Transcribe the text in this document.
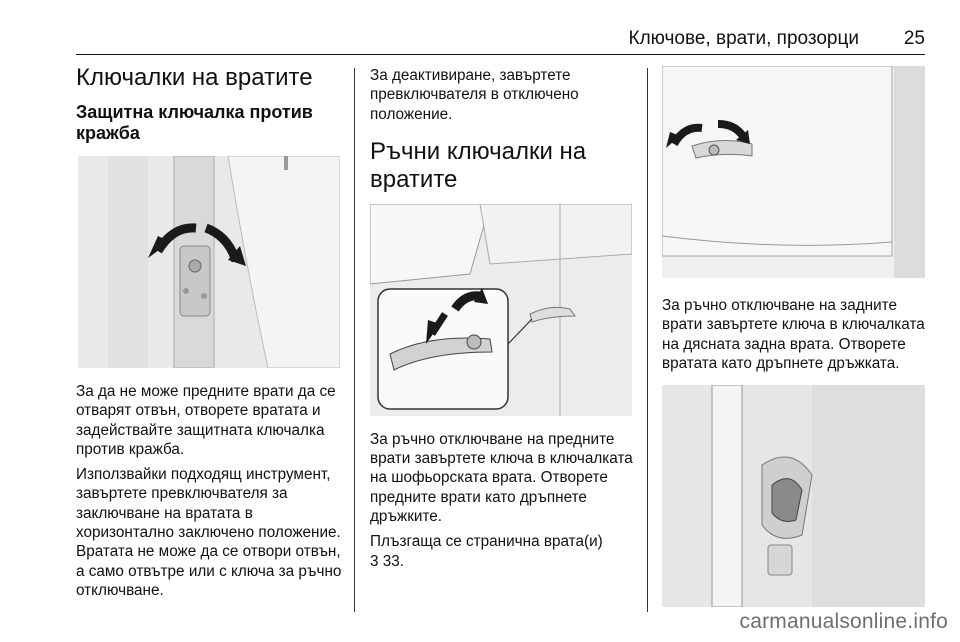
Ключове, врати, прозорци 25
Ключалки на вратите
Защитна ключалка против кражба

За да не може предните врати да се отварят отвън, отворете вратата и задействайте защитната ключалка против кражба.

Използвайки подходящ инструмент, завъртете превключвателя за заключване на вратата в хоризонтално заключено положение. Вратата не може да се отвори отвън, а само отвътре или с ключа за ръчно отключване.

За деактивиране, завъртете превключвателя в отключено положение.

Ръчни ключалки на вратите

За ръчно отключване на предните врати завъртете ключа в ключалката на шофьорската врата. Отворете предните врати като дръпнете дръжките.

Плъзгаща се странична врата(и)

3 33.

За ръчно отключване на задните врати завъртете ключа в ключалката на дясната задна врата. Отворете вратата като дръпнете дръжката.

carmanualsonline.info
